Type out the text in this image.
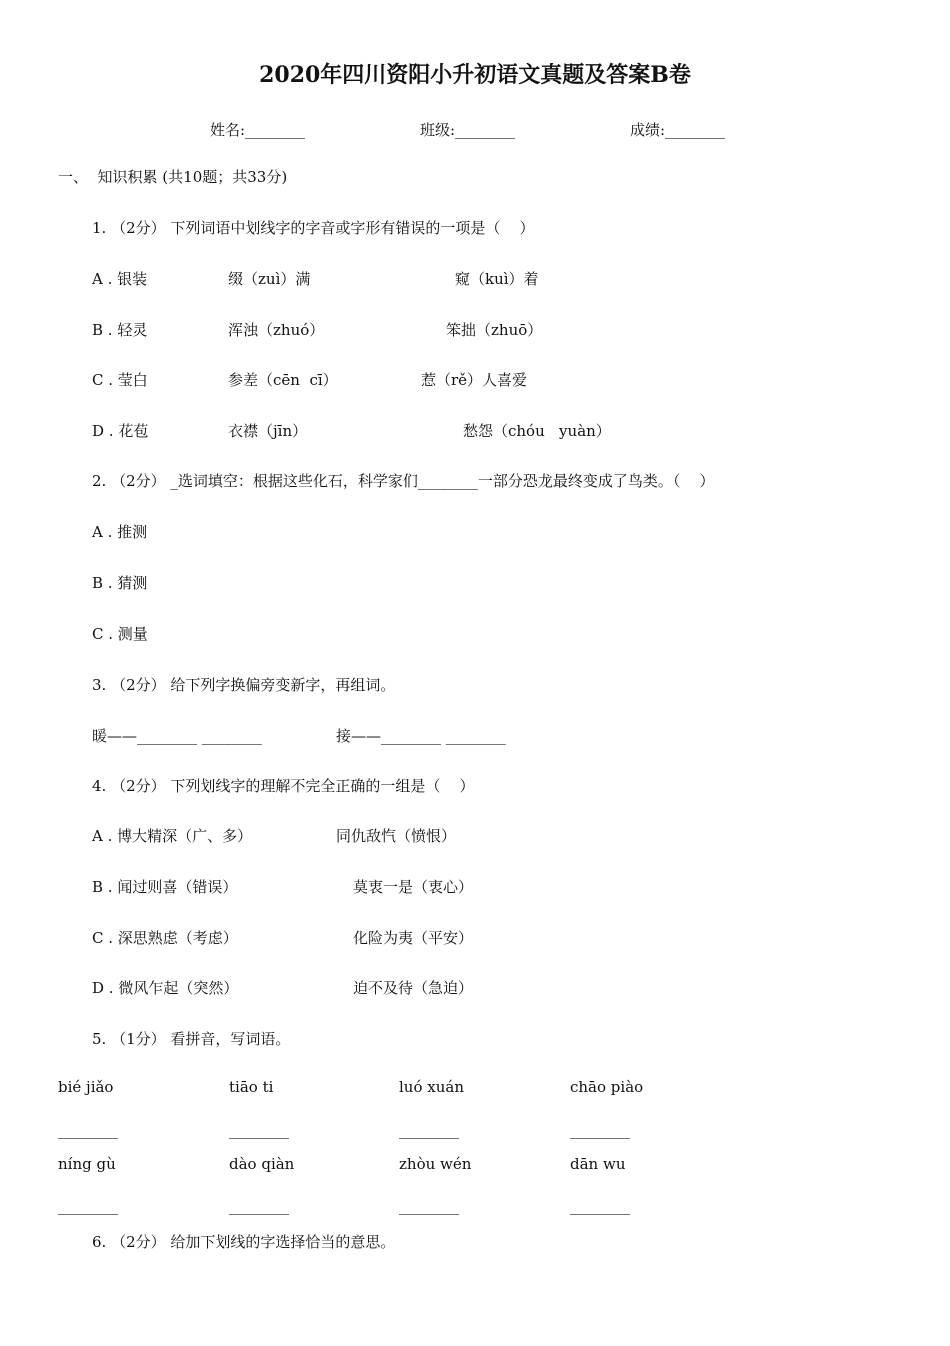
2020年四川资阳小升初语文真题及答案B卷
姓名:________	班级:________	成绩:________
一、  知识积累 (共10题；共33分)
1. （2分） 下列词语中划线字的字音或字形有错误的一项是（    ）
A . 银装	缀（zuì）满	窥（kuì）着
B . 轻灵	浑浊（zhuó）	笨拙（zhuō）
C . 莹白	参差（cēn  cī）	惹（rě）人喜爱
D . 花苞	衣襟（jīn）	愁怨（chóu   yuàn）
2. （2分） _选词填空：根据这些化石，科学家们________一部分恐龙最终变成了鸟类。（    ）
A . 推测
B . 猜测
C . 测量
3. （2分） 给下列字换偏旁变新字，再组词。
暖——________ ________	接——________ ________
4. （2分） 下列划线字的理解不完全正确的一组是（    ）
A . 博大精深（广、多）	同仇敌忾（愤恨）
B . 闻过则喜（错误）	莫衷一是（衷心）
C . 深思熟虑（考虑）	化险为夷（平安）
D . 微风乍起（突然）	迫不及待（急迫）
5. （1分） 看拼音，写词语。
bié jiǎo	tiāo ti	luó xuán	chāo piào
________	________	________	________
níng gù	dào qiàn	zhòu wén	dān wu
________	________	________	________
6. （2分） 给加下划线的字选择恰当的意思。
